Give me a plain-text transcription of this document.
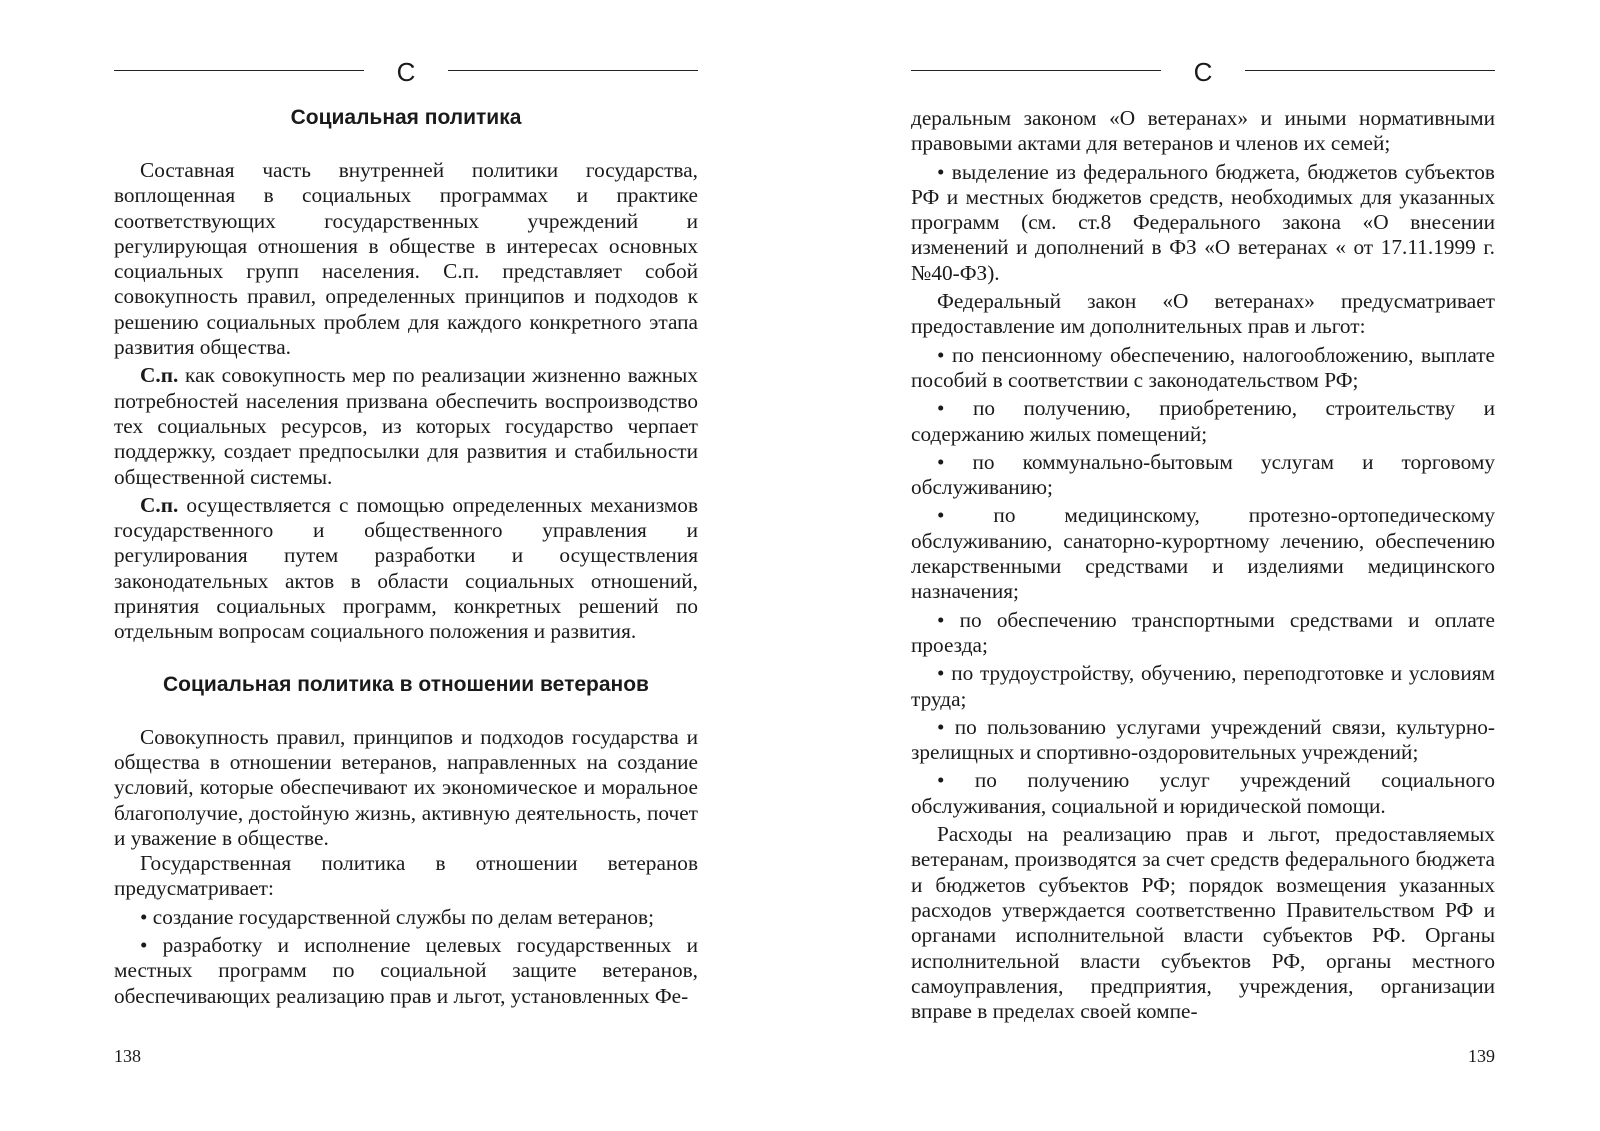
С
Социальная политика

Составная часть внутренней политики государства, воплощенная в социальных программах и практике соответствующих государственных учреждений и регулирующая отношения в обществе в интересах основных социальных групп населения. С.п. представляет собой совокупность правил, определенных принципов и подходов к решению социальных проблем для каждого конкретного этапа развития общества.

С.п. как совокупность мер по реализации жизненно важных потребностей населения призвана обеспечить воспроизводство тех социальных ресурсов, из которых государство черпает поддержку, создает предпосылки для развития и стабильности общественной системы.

С.п. осуществляется с помощью определенных механизмов государственного и общественного управления и регулирования путем разработки и осуществления законодательных актов в области социальных отношений, принятия социальных программ, конкретных решений по отдельным вопросам социального положения и развития.

Социальная политика в отношении ветеранов

Совокупность правил, принципов и подходов государства и общества в отношении ветеранов, направленных на создание условий, которые обеспечивают их экономическое и моральное благополучие, достойную жизнь, активную деятельность, почет и уважение в обществе.

Государственная политика в отношении ветеранов предусматривает:

• создание государственной службы по делам ветеранов;

• разработку и исполнение целевых государственных и местных программ по социальной защите ветеранов, обеспечивающих реализацию прав и льгот, установленных Фе-

138
С

деральным законом «О ветеранах» и иными нормативными правовыми актами для ветеранов и членов их семей;

• выделение из федерального бюджета, бюджетов субъектов РФ и местных бюджетов средств, необходимых для указанных программ (см. ст.8 Федерального закона «О внесении изменений и дополнений в ФЗ «О ветеранах « от 17.11.1999 г. №40-ФЗ).

Федеральный закон «О ветеранах» предусматривает предоставление им дополнительных прав и льгот:

• по пенсионному обеспечению, налогообложению, выплате пособий в соответствии с законодательством РФ;

• по получению, приобретению, строительству и содержанию жилых помещений;

• по коммунально-бытовым услугам и торговому обслуживанию;

• по медицинскому, протезно-ортопедическому обслуживанию, санаторно-курортному лечению, обеспечению лекарственными средствами и изделиями медицинского назначения;

• по обеспечению транспортными средствами и оплате проезда;

• по трудоустройству, обучению, переподготовке и условиям труда;

• по пользованию услугами учреждений связи, культурно-зрелищных и спортивно-оздоровительных учреждений;

• по получению услуг учреждений социального обслуживания, социальной и юридической помощи.

Расходы на реализацию прав и льгот, предоставляемых ветеранам, производятся за счет средств федерального бюджета и бюджетов субъектов РФ; порядок возмещения указанных расходов утверждается соответственно Правительством РФ и органами исполнительной власти субъектов РФ. Органы исполнительной власти субъектов РФ, органы местного самоуправления, предприятия, учреждения, организации вправе в пределах своей компе-

139
